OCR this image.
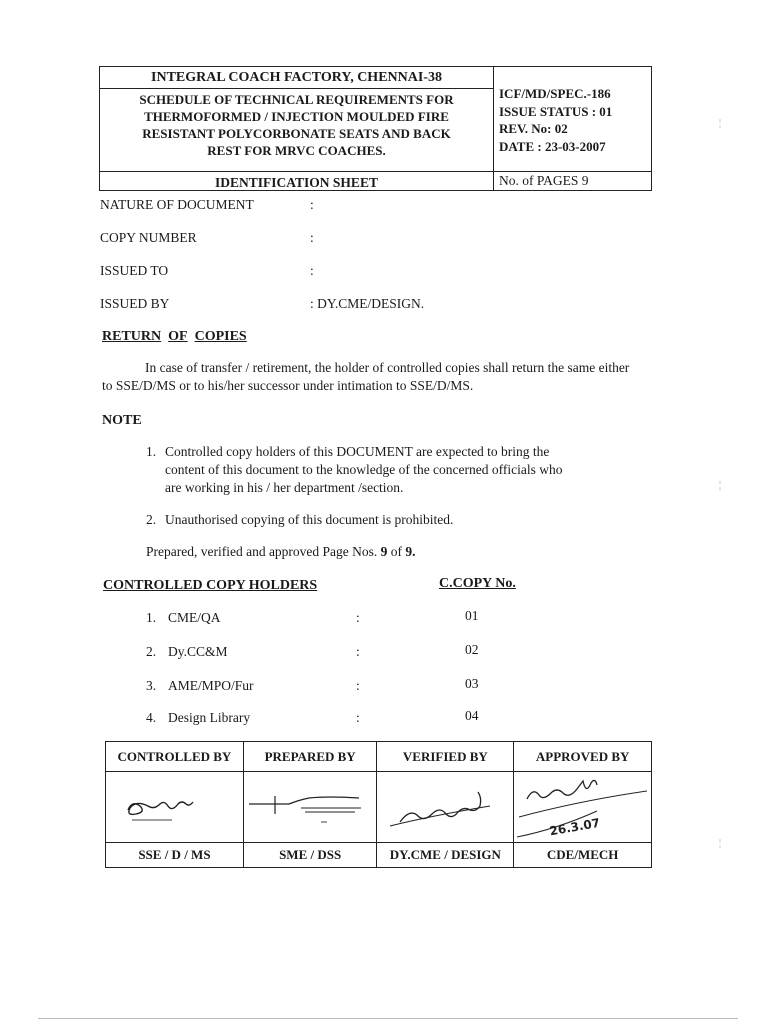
INTEGRAL COACH FACTORY, CHENNAI-38
SCHEDULE OF TECHNICAL REQUIREMENTS FOR
THERMOFORMED / INJECTION MOULDED FIRE
RESISTANT POLYCORBONATE SEATS AND BACK
REST FOR MRVC COACHES.
ICF/MD/SPEC.-186
ISSUE STATUS : 01
REV. No: 02
DATE : 23-03-2007
IDENTIFICATION SHEET	No. of PAGES 9
NATURE OF DOCUMENT	:
COPY NUMBER	:
ISSUED TO	:
ISSUED BY	: DY.CME/DESIGN.
RETURN OF COPIES
In case of transfer / retirement, the holder of controlled copies shall return the same either
to SSE/D/MS or to his/her successor under intimation to SSE/D/MS.
NOTE
1. Controlled copy holders of this DOCUMENT are expected to bring the
content of this document to the knowledge of the concerned officials who
are working in his / her department /section.
2. Unauthorised copying of this document is prohibited.
Prepared, verified and approved Page Nos. 9 of 9.
CONTROLLED COPY HOLDERS	C.COPY No.
1. CME/QA	:	01
2. Dy.CC&M	:	02
3. AME/MPO/Fur	:	03
4. Design Library	:	04
CONTROLLED BY	PREPARED BY	VERIFIED BY	APPROVED BY

26.3.07

SSE / D / MS	SME / DSS	DY.CME / DESIGN	CDE/MECH
¦
¦
¦
